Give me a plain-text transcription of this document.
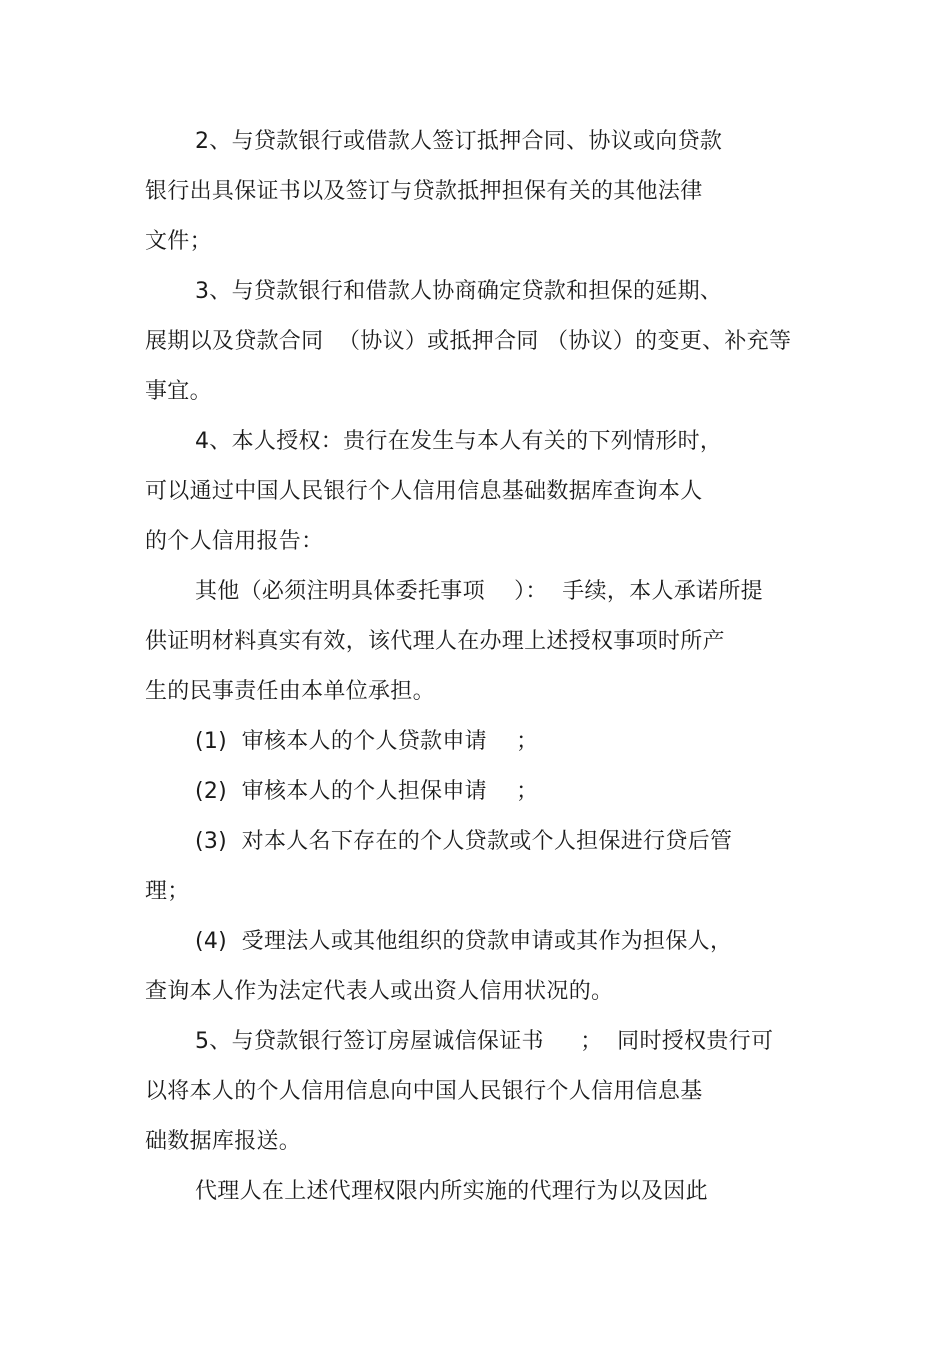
2、与贷款银行或借款人签订抵押合同、协议或向贷款
银行出具保证书以及签订与贷款抵押担保有关的其他法律
文件；
3、与贷款银行和借款人协商确定贷款和担保的延期、
展期以及贷款合同  （协议）或抵押合同 （协议）的变更、补充等
事宜。
4、本人授权：贵行在发生与本人有关的下列情形时，
可以通过中国人民银行个人信用信息基础数据库查询本人
的个人信用报告：
其他（必须注明具体委托事项    ）：  手续，本人承诺所提
供证明材料真实有效，该代理人在办理上述授权事项时所产
生的民事责任由本单位承担。
(1)  审核本人的个人贷款申请    ；
(2)  审核本人的个人担保申请    ；
(3)  对本人名下存在的个人贷款或个人担保进行贷后管
理；
(4)  受理法人或其他组织的贷款申请或其作为担保人，
查询本人作为法定代表人或出资人信用状况的。
5、与贷款银行签订房屋诚信保证书     ；  同时授权贵行可
以将本人的个人信用信息向中国人民银行个人信用信息基
础数据库报送。
代理人在上述代理权限内所实施的代理行为以及因此
